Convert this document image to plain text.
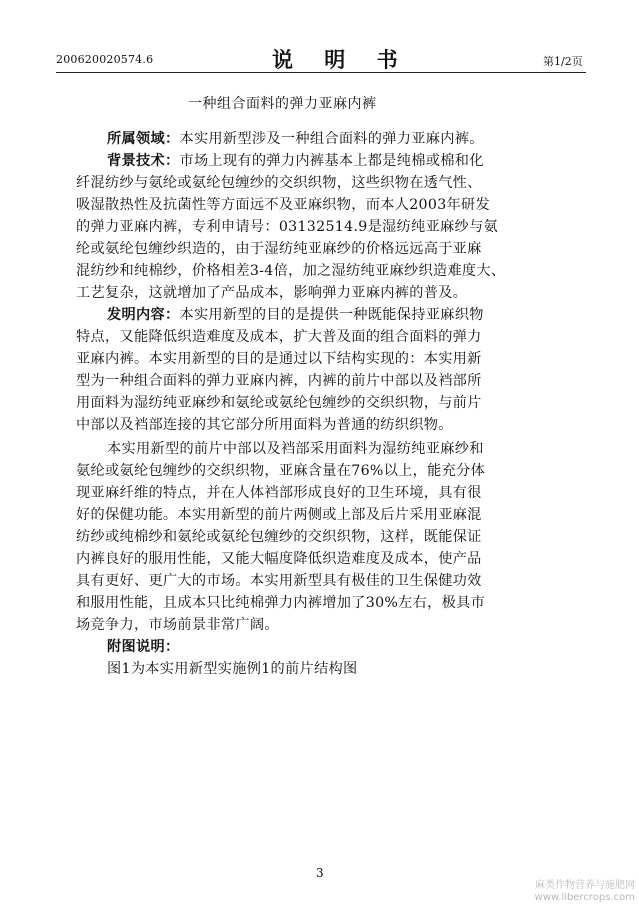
200620020574.6	说 明 书	第1/2页
一种组合面料的弹力亚麻内裤
所属领域：本实用新型涉及一种组合面料的弹力亚麻内裤。
背景技术：市场上现有的弹力内裤基本上都是纯棉或棉和化
纤混纺纱与氨纶或氨纶包缠纱的交织织物，这些织物在透气性、
吸湿散热性及抗菌性等方面远不及亚麻织物，而本人2003年研发
的弹力亚麻内裤，专利申请号：03132514.9是湿纺纯亚麻纱与氨
纶或氨纶包缠纱织造的，由于湿纺纯亚麻纱的价格远远高于亚麻
混纺纱和纯棉纱，价格相差3-4倍，加之湿纺纯亚麻纱织造难度大、
工艺复杂，这就增加了产品成本，影响弹力亚麻内裤的普及。
发明内容：本实用新型的目的是提供一种既能保持亚麻织物
特点，又能降低织造难度及成本，扩大普及面的组合面料的弹力
亚麻内裤。本实用新型的目的是通过以下结构实现的：本实用新
型为一种组合面料的弹力亚麻内裤，内裤的前片中部以及裆部所
用面料为湿纺纯亚麻纱和氨纶或氨纶包缠纱的交织织物，与前片
中部以及裆部连接的其它部分所用面料为普通的纺织织物。
本实用新型的前片中部以及裆部采用面料为湿纺纯亚麻纱和
氨纶或氨纶包缠纱的交织织物，亚麻含量在76%以上，能充分体
现亚麻纤维的特点，并在人体裆部形成良好的卫生环境，具有很
好的保健功能。本实用新型的前片两侧或上部及后片采用亚麻混
纺纱或纯棉纱和氨纶或氨纶包缠纱的交织织物，这样，既能保证
内裤良好的服用性能，又能大幅度降低织造难度及成本，使产品
具有更好、更广大的市场。本实用新型具有极佳的卫生保健功效
和服用性能，且成本只比纯棉弹力内裤增加了30%左右，极具市
场竞争力，市场前景非常广阔。
附图说明：
图1为本实用新型实施例1的前片结构图
3
麻类作物营养与施肥网
www.libercrops.com
